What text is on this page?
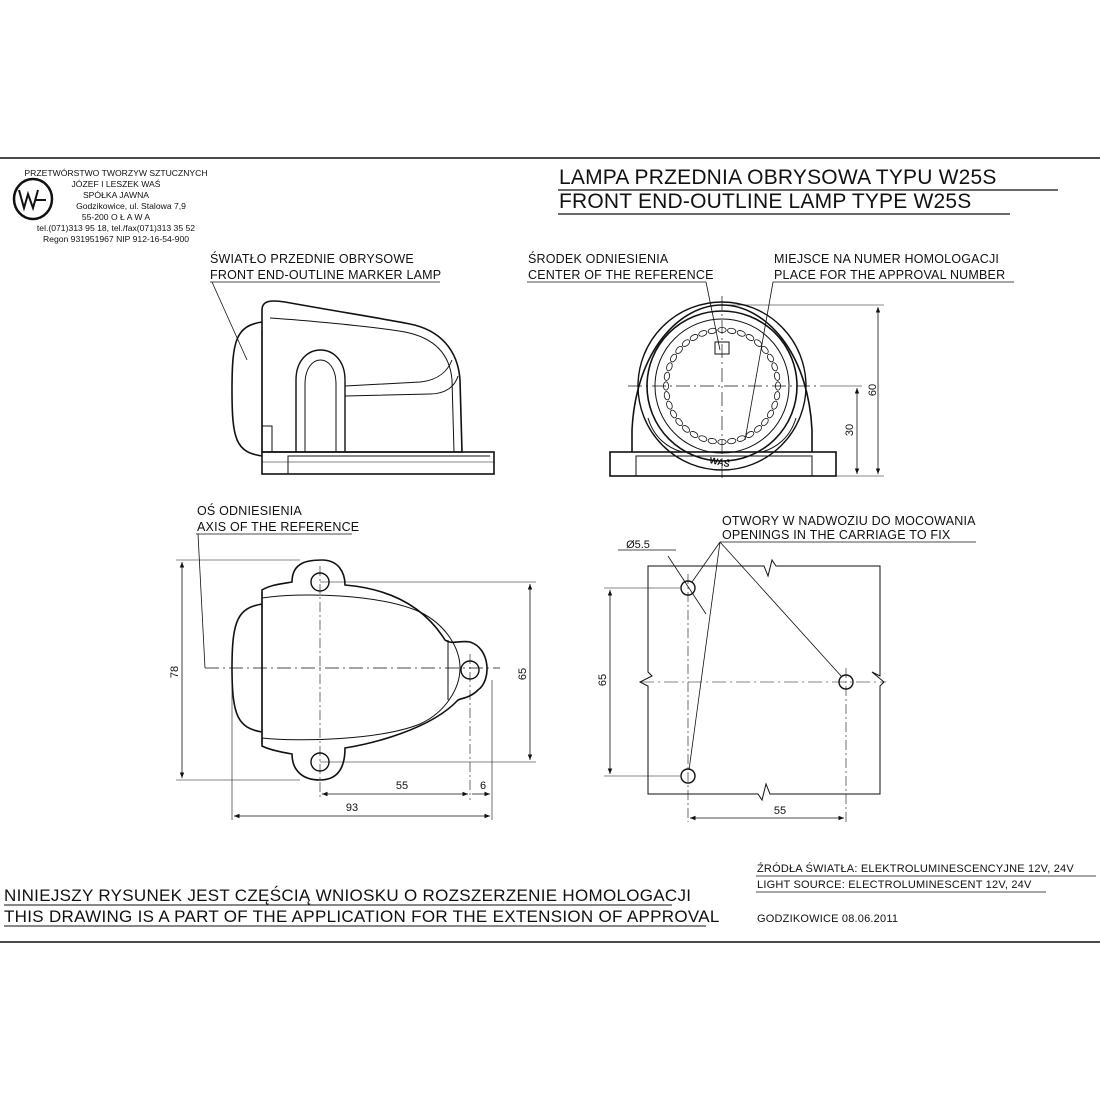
60
30
78	65
55	6
93
Ø5.5
65
55
WAŚ
PRZETWÓRSTWO TWORZYW SZTUCZNYCH
JÓZEF I LESZEK WAŚ
SPÓŁKA JAWNA
Godzikowice, ul. Stalowa 7,9
55-200 O Ł A W A
tel.(071)313 95 18, tel./fax(071)313 35 52
Regon 931951967 NIP 912-16-54-900
LAMPA PRZEDNIA OBRYSOWA TYPU W25S
FRONT END-OUTLINE LAMP TYPE W25S
ŚWIATŁO PRZEDNIE OBRYSOWE
FRONT END-OUTLINE MARKER LAMP
ŚRODEK ODNIESIENIA
CENTER OF THE REFERENCE
MIEJSCE NA NUMER HOMOLOGACJI
PLACE FOR THE APPROVAL NUMBER
OŚ ODNIESIENIA
AXIS OF THE REFERENCE	OTWORY W NADWOZIU DO MOCOWANIA
OPENINGS IN THE CARRIAGE TO FIX
NINIEJSZY RYSUNEK JEST CZĘŚCIĄ WNIOSKU O ROZSZERZENIE HOMOLOGACJI
THIS DRAWING IS A PART OF THE APPLICATION FOR THE EXTENSION OF APPROVAL
ŹRÓDŁA ŚWIATŁA: ELEKTROLUMINESCENCYJNE 12V, 24V
LIGHT SOURCE: ELECTROLUMINESCENT 12V, 24V
GODZIKOWICE 08.06.2011
